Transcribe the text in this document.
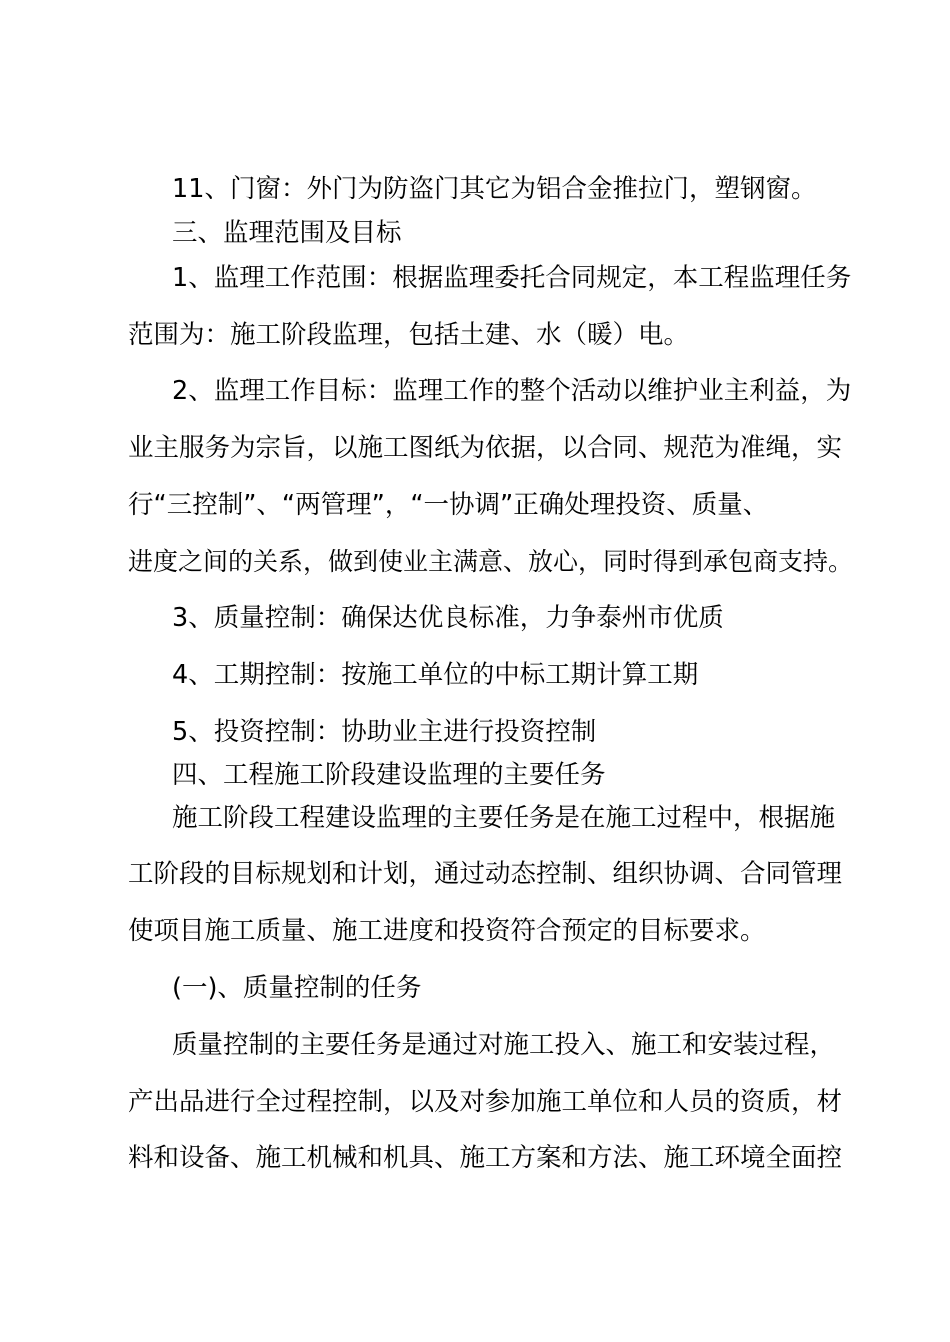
11、门窗：外门为防盗门其它为铝合金推拉门，塑钢窗。
三、监理范围及目标
1、监理工作范围：根据监理委托合同规定，本工程监理任务
范围为：施工阶段监理，包括土建、水（暖）电。
2、监理工作目标：监理工作的整个活动以维护业主利益，为
业主服务为宗旨，以施工图纸为依据，以合同、规范为准绳，实
行“三控制”、“两管理”，“一协调”正确处理投资、质量、
进度之间的关系，做到使业主满意、放心，同时得到承包商支持。
3、质量控制：确保达优良标准，力争泰州市优质
4、工期控制：按施工单位的中标工期计算工期
5、投资控制：协助业主进行投资控制
四、工程施工阶段建设监理的主要任务
施工阶段工程建设监理的主要任务是在施工过程中，根据施
工阶段的目标规划和计划，通过动态控制、组织协调、合同管理
使项目施工质量、施工进度和投资符合预定的目标要求。
(一)、质量控制的任务
质量控制的主要任务是通过对施工投入、施工和安装过程，
产出品进行全过程控制，以及对参加施工单位和人员的资质，材
料和设备、施工机械和机具、施工方案和方法、施工环境全面控
